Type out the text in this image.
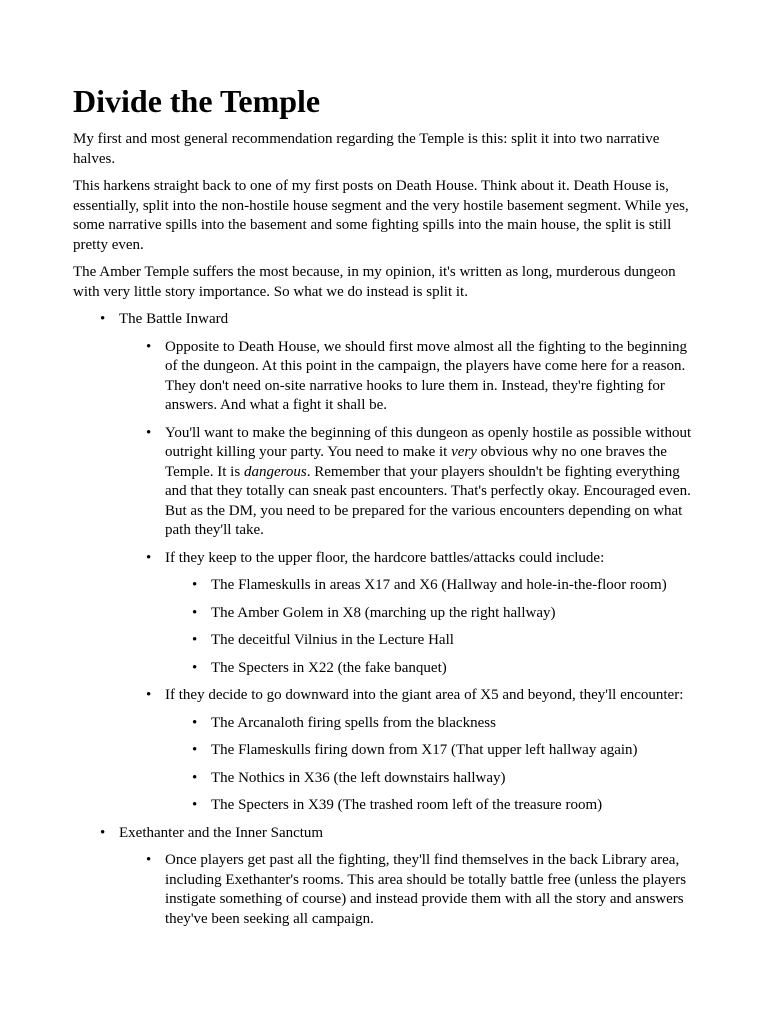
Divide the Temple

My first and most general recommendation regarding the Temple is this: split it into two narrative halves.

This harkens straight back to one of my first posts on Death House. Think about it. Death House is, essentially, split into the non-hostile house segment and the very hostile basement segment. While yes, some narrative spills into the basement and some fighting spills into the main house, the split is still pretty even.

The Amber Temple suffers the most because, in my opinion, it's written as long, murderous dungeon with very little story importance. So what we do instead is split it.

• The Battle Inward
• Opposite to Death House, we should first move almost all the fighting to the beginning of the dungeon. At this point in the campaign, the players have come here for a reason. They don't need on-site narrative hooks to lure them in. Instead, they're fighting for answers. And what a fight it shall be.
• You'll want to make the beginning of this dungeon as openly hostile as possible without outright killing your party. You need to make it very obvious why no one braves the Temple. It is dangerous. Remember that your players shouldn't be fighting everything and that they totally can sneak past encounters. That's perfectly okay. Encouraged even. But as the DM, you need to be prepared for the various encounters depending on what path they'll take.
• If they keep to the upper floor, the hardcore battles/attacks could include:
• The Flameskulls in areas X17 and X6 (Hallway and hole-in-the-floor room)
• The Amber Golem in X8 (marching up the right hallway)
• The deceitful Vilnius in the Lecture Hall
• The Specters in X22 (the fake banquet)
• If they decide to go downward into the giant area of X5 and beyond, they'll encounter:
• The Arcanaloth firing spells from the blackness
• The Flameskulls firing down from X17 (That upper left hallway again)
• The Nothics in X36 (the left downstairs hallway)
• The Specters in X39 (The trashed room left of the treasure room)
• Exethanter and the Inner Sanctum
• Once players get past all the fighting, they'll find themselves in the back Library area, including Exethanter's rooms. This area should be totally battle free (unless the players instigate something of course) and instead provide them with all the story and answers they've been seeking all campaign.
